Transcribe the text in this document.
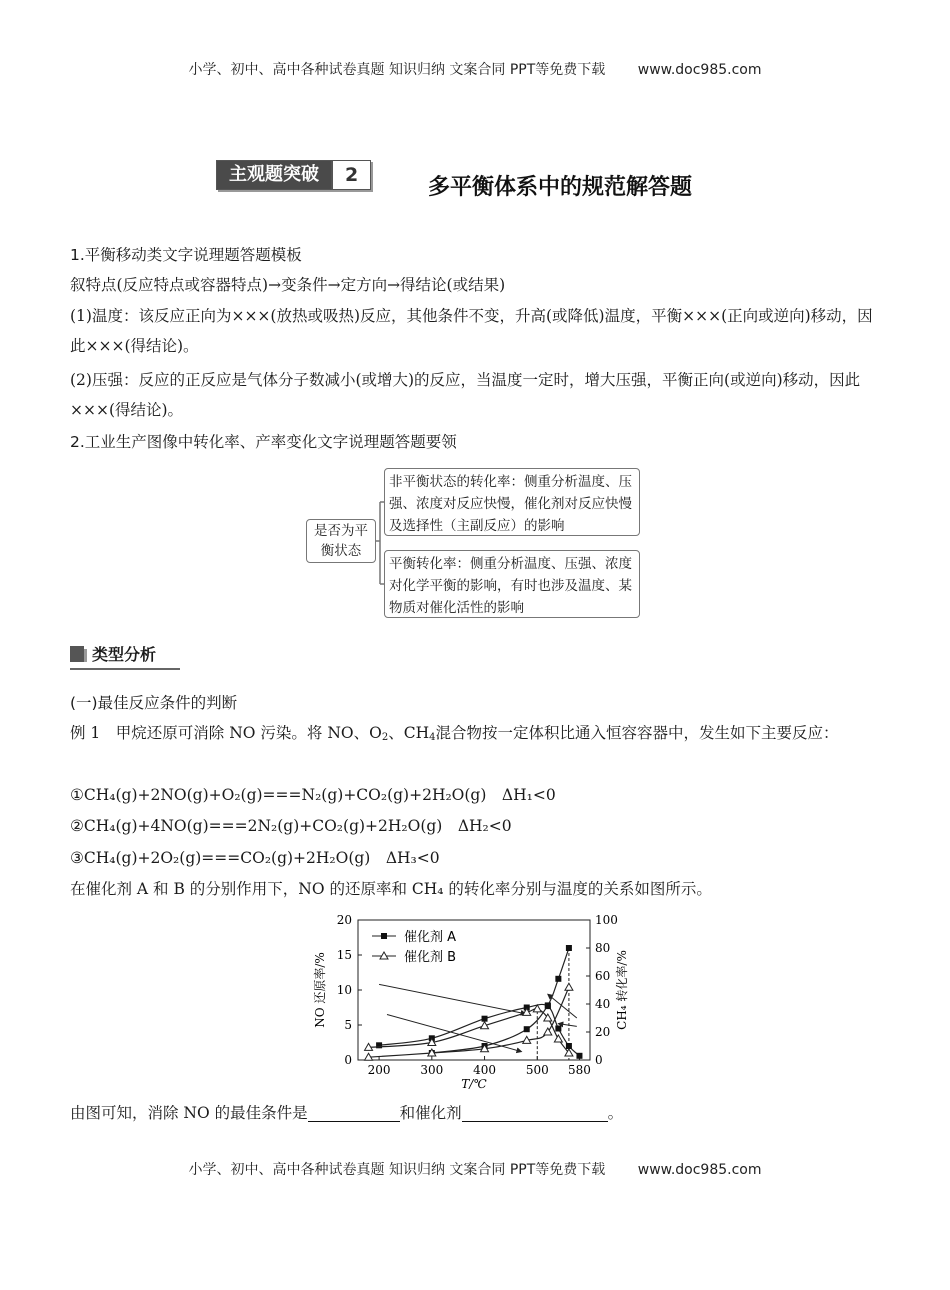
小学、初中、高中各种试卷真题 知识归纳 文案合同 PPT等免费下载 www.doc985.com
主观题突破	2	多平衡体系中的规范解答题
1.平衡移动类文字说理题答题模板
叙特点(反应特点或容器特点)→变条件→定方向→得结论(或结果)
(1)温度：该反应正向为×××(放热或吸热)反应，其他条件不变，升高(或降低)温度，平衡×××(正向或逆向)移动，因此×××(得结论)。
(2)压强：反应的正反应是气体分子数减小(或增大)的反应，当温度一定时，增大压强，平衡正向(或逆向)移动，因此×××(得结论)。
2.工业生产图像中转化率、产率变化文字说理题答题要领
是否为平衡状态
非平衡状态的转化率：侧重分析温度、压强、浓度对反应快慢，催化剂对反应快慢及选择性（主副反应）的影响
平衡转化率：侧重分析温度、压强、浓度对化学平衡的影响，有时也涉及温度、某物质对催化活性的影响
类型分析
(一)最佳反应条件的判断
例 1　甲烷还原可消除 NO 污染。将 NO、$O_2$、$CH_4$混合物按一定体积比通入恒容容器中，发生如下主要反应：
①CH₄(g)+2NO(g)+O₂(g)===N₂(g)+CO₂(g)+2H₂O(g)　ΔH₁<0
②CH₄(g)+4NO(g)===2N₂(g)+CO₂(g)+2H₂O(g)　ΔH₂<0
③CH₄(g)+2O₂(g)===CO₂(g)+2H₂O(g)　ΔH₃<0
在催化剂 A 和 B 的分别作用下，NO 的还原率和 CH₄ 的转化率分别与温度的关系如图所示。
200 300 400 500 580
0
5
10
15
20
0
20
40
60
80
100
T/℃
NO 还原率/%	CH₄ 转化率/%
催化剂 A
催化剂 B
由图可知，消除 NO 的最佳条件是	和催化剂	。
小学、初中、高中各种试卷真题 知识归纳 文案合同 PPT等免费下载 www.doc985.com
